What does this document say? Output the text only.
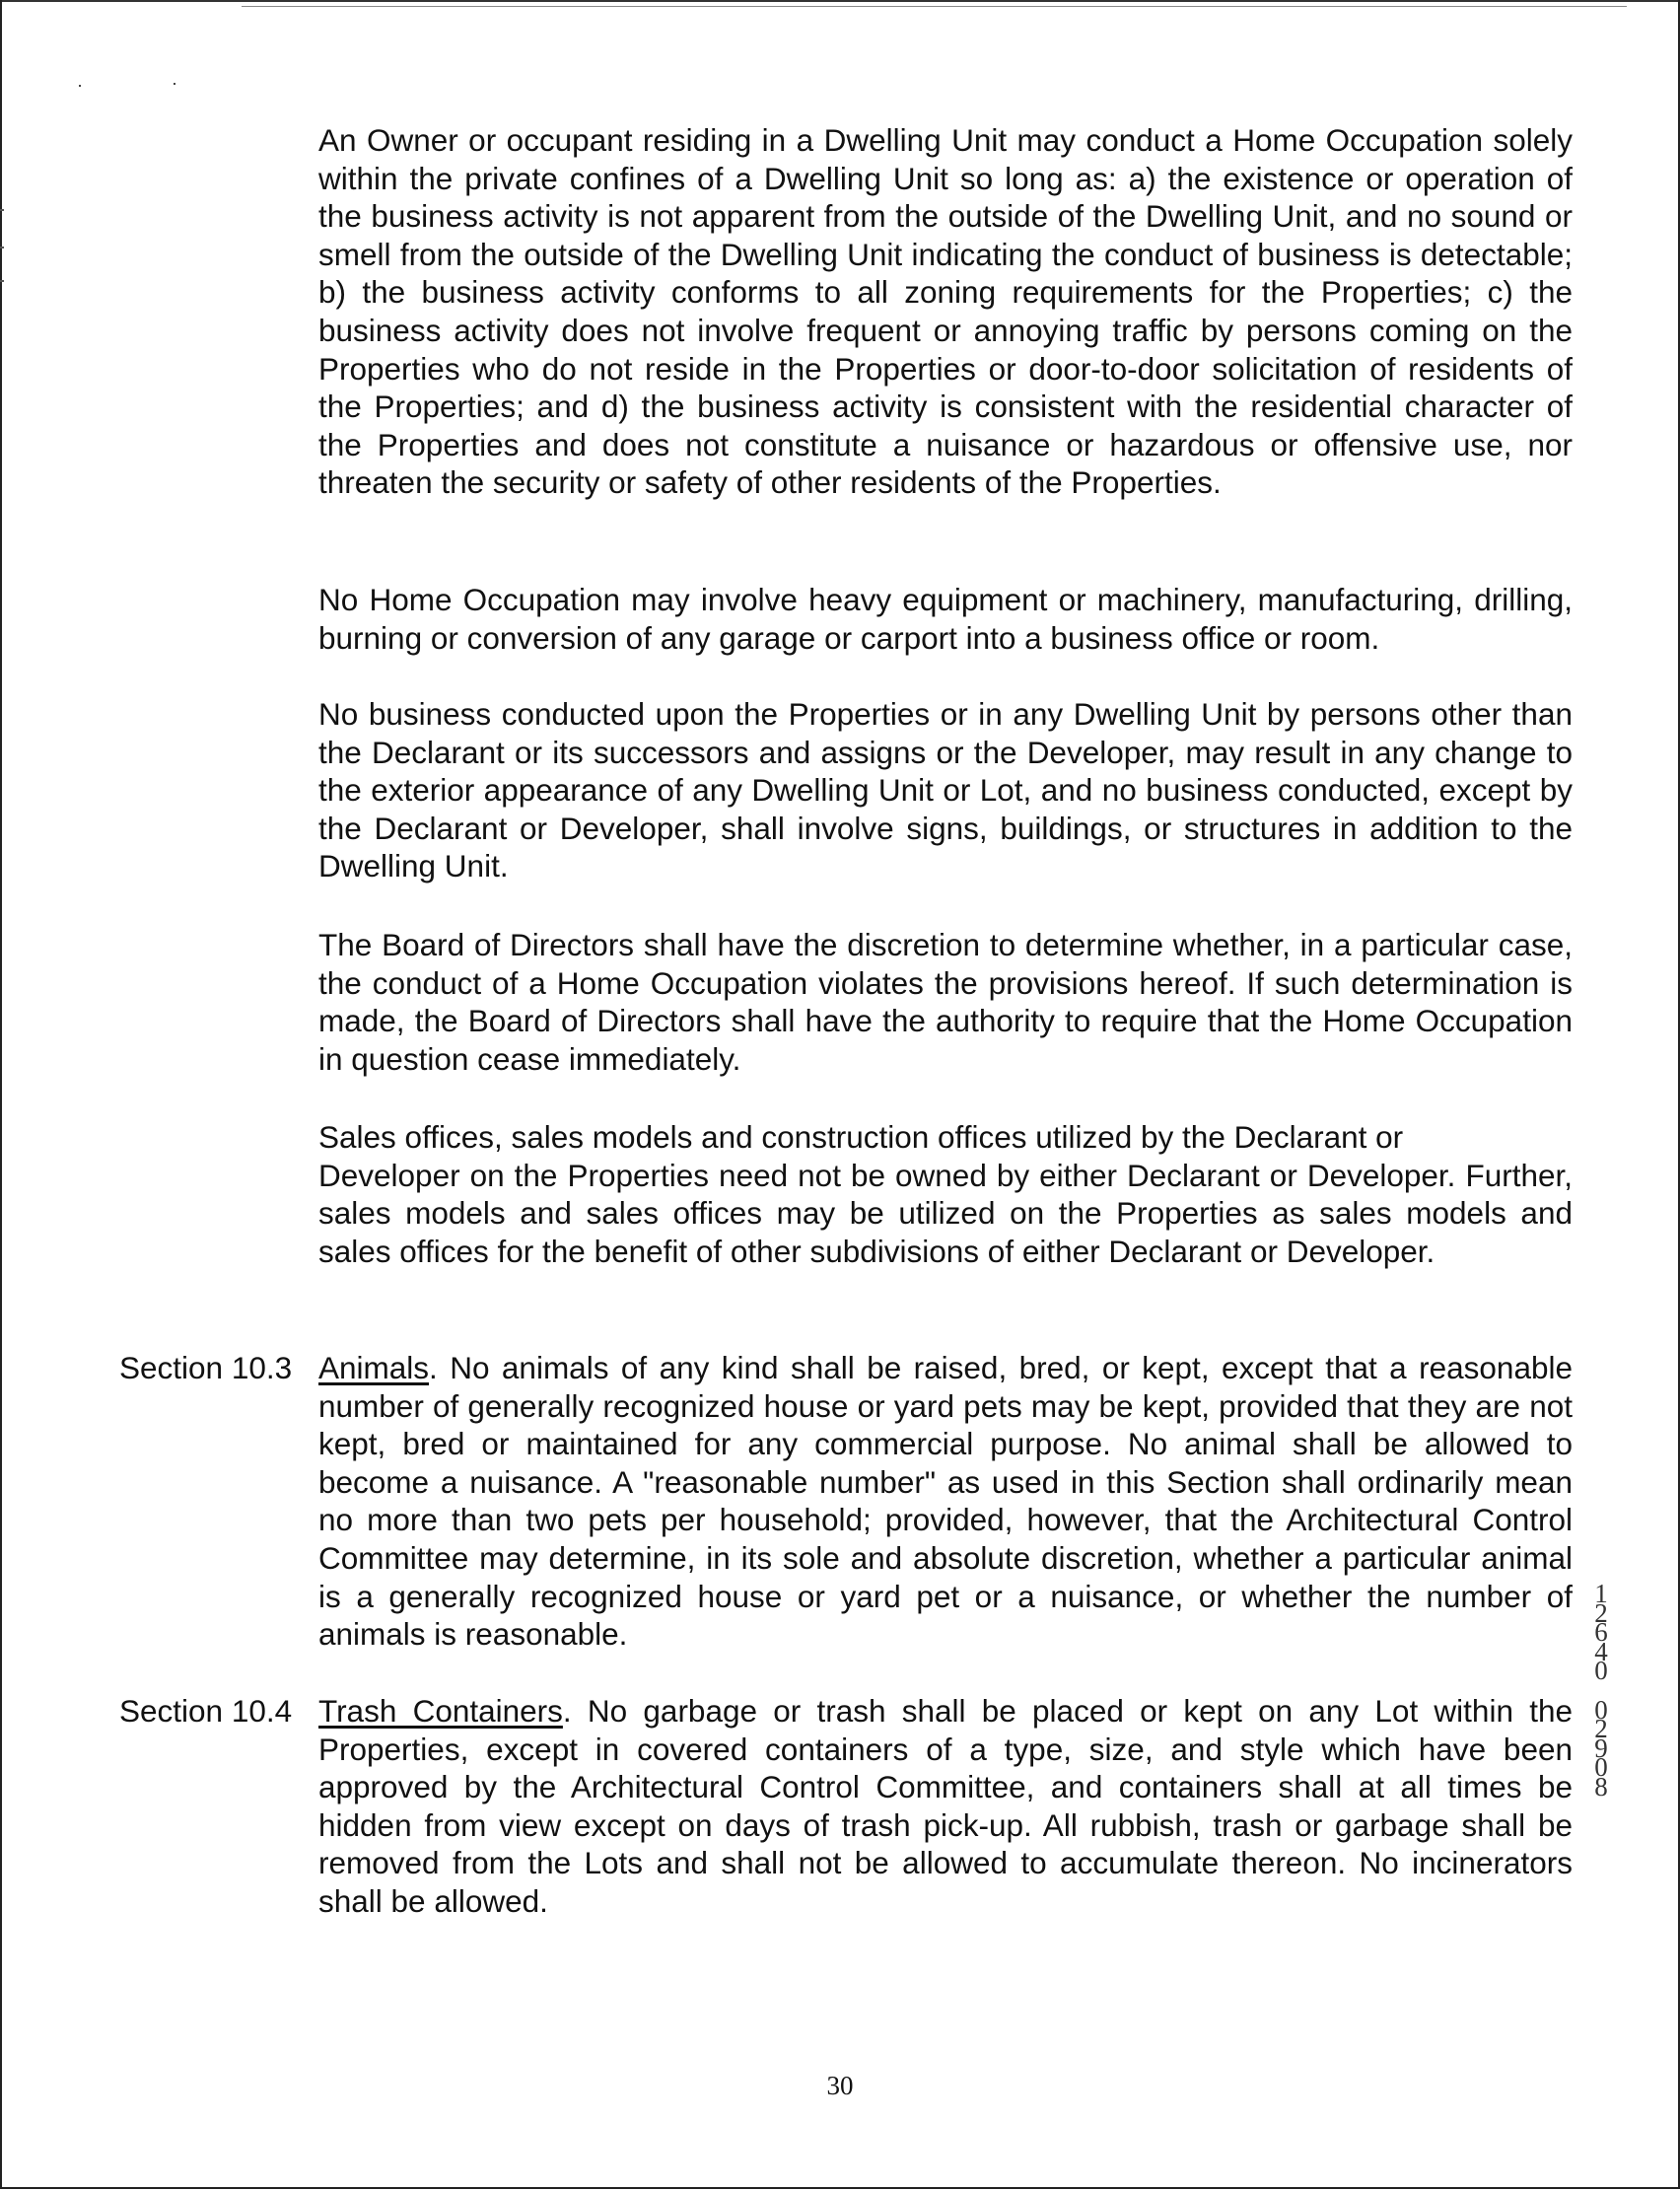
An Owner or occupant residing in a Dwelling Unit may conduct a Home Occupation solely within the private confines of a Dwelling Unit so long as: a) the existence or operation of the business activity is not apparent from the outside of the Dwelling Unit, and no sound or smell from the outside of the Dwelling Unit indicating the conduct of business is detectable; b) the business activity conforms to all zoning requirements for the Properties; c) the business activity does not involve frequent or annoying traffic by persons coming on the Properties who do not reside in the Properties or door-to-door solicitation of residents of the Properties; and d) the business activity is consistent with the residential character of the Properties and does not constitute a nuisance or hazardous or offensive use, nor threaten the security or safety of other residents of the Properties.

No Home Occupation may involve heavy equipment or machinery, manufacturing, drilling, burning or conversion of any garage or carport into a business office or room.

No business conducted upon the Properties or in any Dwelling Unit by persons other than the Declarant or its successors and assigns or the Developer, may result in any change to the exterior appearance of any Dwelling Unit or Lot, and no business conducted, except by the Declarant or Developer, shall involve signs, buildings, or structures in addition to the Dwelling Unit.

The Board of Directors shall have the discretion to determine whether, in a particular case, the conduct of a Home Occupation violates the provisions hereof. If such determination is made, the Board of Directors shall have the authority to require that the Home Occupation in question cease immediately.

Sales offices, sales models and construction offices utilized by the Declarant or
Developer on the Properties need not be owned by either Declarant or Developer. Further, sales models and sales offices may be utilized on the Properties as sales models and sales offices for the benefit of other subdivisions of either Declarant or Developer.
Section 10.3 Animals. No animals of any kind shall be raised, bred, or kept, except that a reasonable number of generally recognized house or yard pets may be kept, provided that they are not kept, bred or maintained for any commercial purpose. No animal shall be allowed to become a nuisance. A "reasonable number" as used in this Section shall ordinarily mean no more than two pets per household; provided, however, that the Architectural Control Committee may determine, in its sole and absolute discretion, whether a particular animal is a generally recognized house or yard pet or a nuisance, or whether the number of animals is reasonable.

Section 10.4 Trash Containers. No garbage or trash shall be placed or kept on any Lot within the Properties, except in covered containers of a type, size, and style which have been approved by the Architectural Control Committee, and containers shall at all times be hidden from view except on days of trash pick-up. All rubbish, trash or garbage shall be removed from the Lots and shall not be allowed to accumulate thereon. No incinerators shall be allowed.

12640
02908
30
